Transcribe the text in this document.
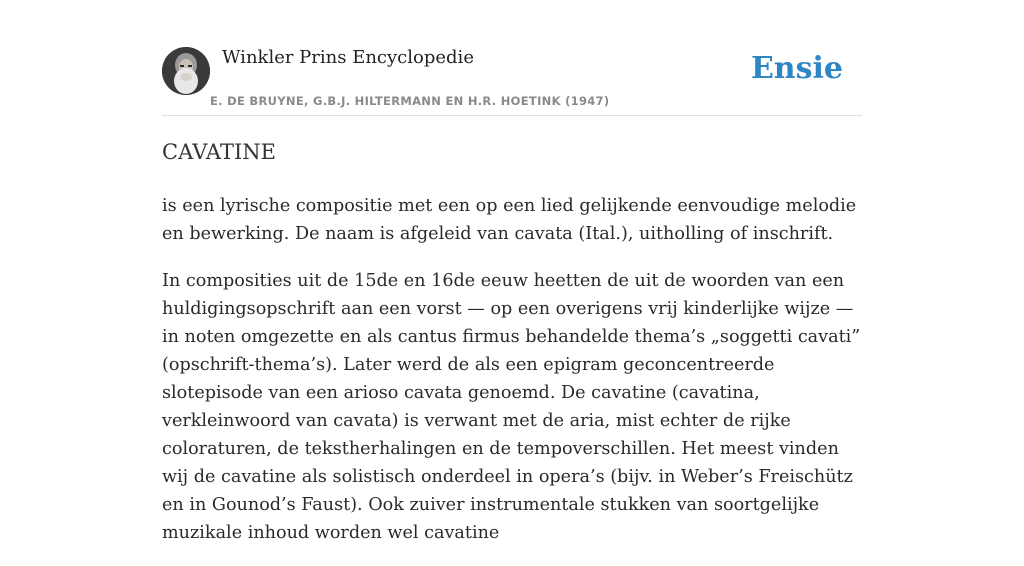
Winkler Prins Encyclopedie
E. DE BRUYNE, G.B.J. HILTERMANN EN H.R. HOETINK (1947)
Ensie
CAVATINE

is een lyrische compositie met een op een lied gelijkende eenvoudige melodie en bewerking. De naam is afgeleid van cavata (Ital.), uitholling of inschrift.

In composities uit de 15de en 16de eeuw heetten de uit de woorden van een huldigingsopschrift aan een vorst — op een overigens vrij kinderlijke wijze — in noten omgezette en als cantus firmus behandelde thema’s „soggetti cavati” (opschrift-thema’s). Later werd de als een epigram geconcentreerde slotepisode van een arioso cavata genoemd. De cavatine (cavatina, verkleinwoord van cavata) is verwant met de aria, mist echter de rijke coloraturen, de tekstherhalingen en de tempoverschillen. Het meest vinden wij de cavatine als solistisch onderdeel in opera’s (bijv. in Weber’s Freischütz en in Gounod’s Faust). Ook zuiver instrumentale stukken van soortgelijke muzikale inhoud worden wel cavatine
